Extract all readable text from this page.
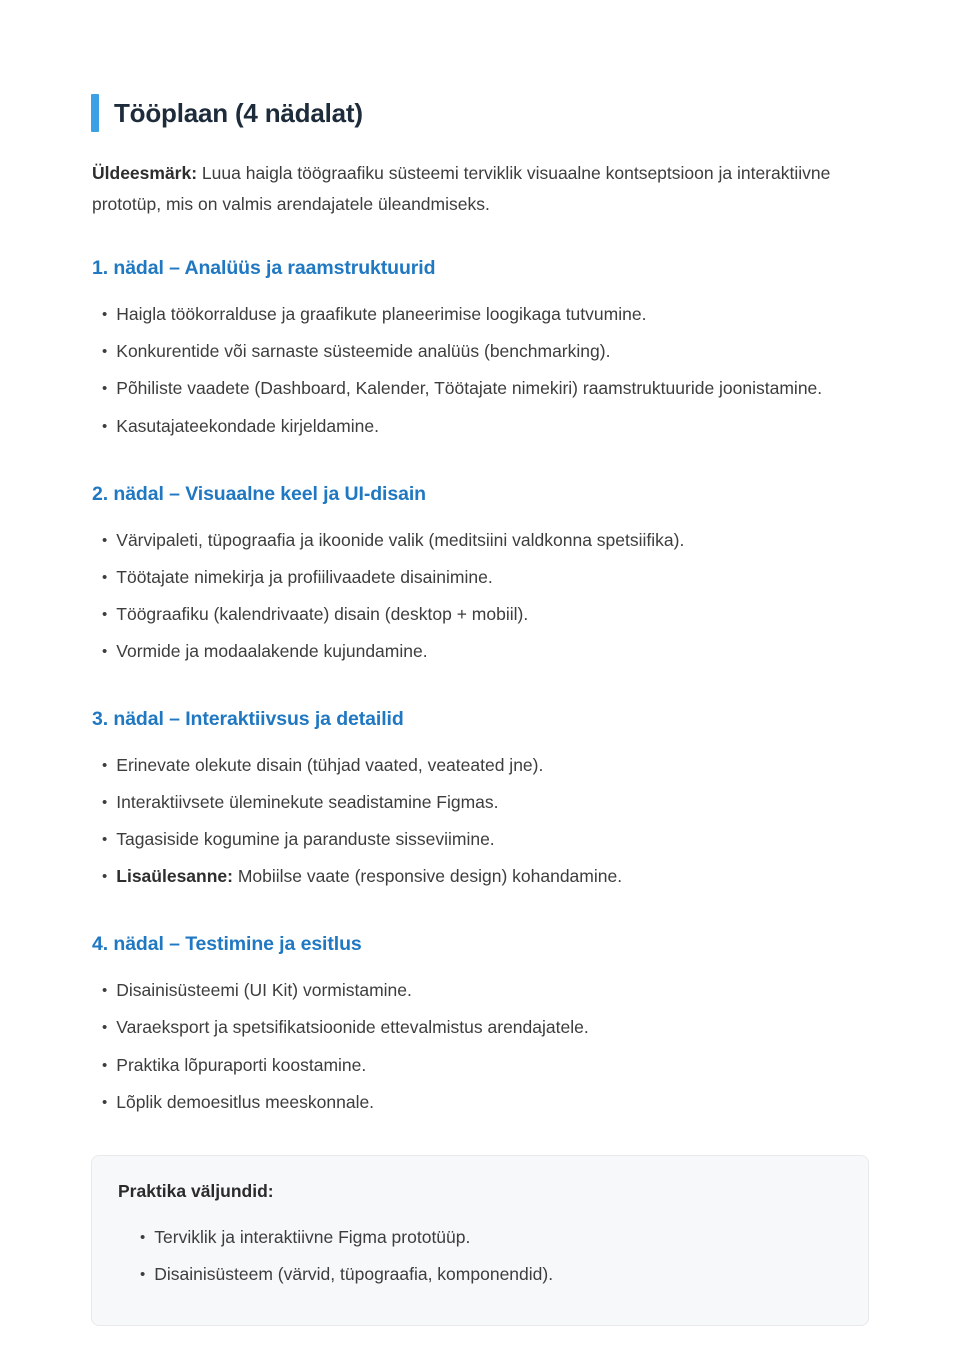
Tööplaan (4 nädalat)

Üldeesmärk: Luua haigla töögraafiku süsteemi terviklik visuaalne kontseptsioon ja interaktiivne prototüp, mis on valmis arendajatele üleandmiseks.

1. nädal – Analüüs ja raamstruktuurid
• Haigla töökorralduse ja graafikute planeerimise loogikaga tutvumine.
• Konkurentide või sarnaste süsteemide analüüs (benchmarking).
• Põhiliste vaadete (Dashboard, Kalender, Töötajate nimekiri) raamstruktuuride joonistamine.
• Kasutajateekondade kirjeldamine.
2. nädal – Visuaalne keel ja UI-disain
• Värvipaleti, tüpograafia ja ikoonide valik (meditsiini valdkonna spetsiifika).
• Töötajate nimekirja ja profiilivaadete disainimine.
• Töögraafiku (kalendrivaate) disain (desktop + mobiil).
• Vormide ja modaalakende kujundamine.
3. nädal – Interaktiivsus ja detailid
• Erinevate olekute disain (tühjad vaated, veateated jne).
• Interaktiivsete üleminekute seadistamine Figmas.
• Tagasiside kogumine ja paranduste sisseviimine.
• Lisaülesanne: Mobiilse vaate (responsive design) kohandamine.
4. nädal – Testimine ja esitlus
• Disainisüsteemi (UI Kit) vormistamine.
• Varaeksport ja spetsifikatsioonide ettevalmistus arendajatele.
• Praktika lõpuraporti koostamine.
• Lõplik demoesitlus meeskonnale.
Praktika väljundid:
• Terviklik ja interaktiivne Figma prototüüp.
• Disainisüsteem (värvid, tüpograafia, komponendid).
